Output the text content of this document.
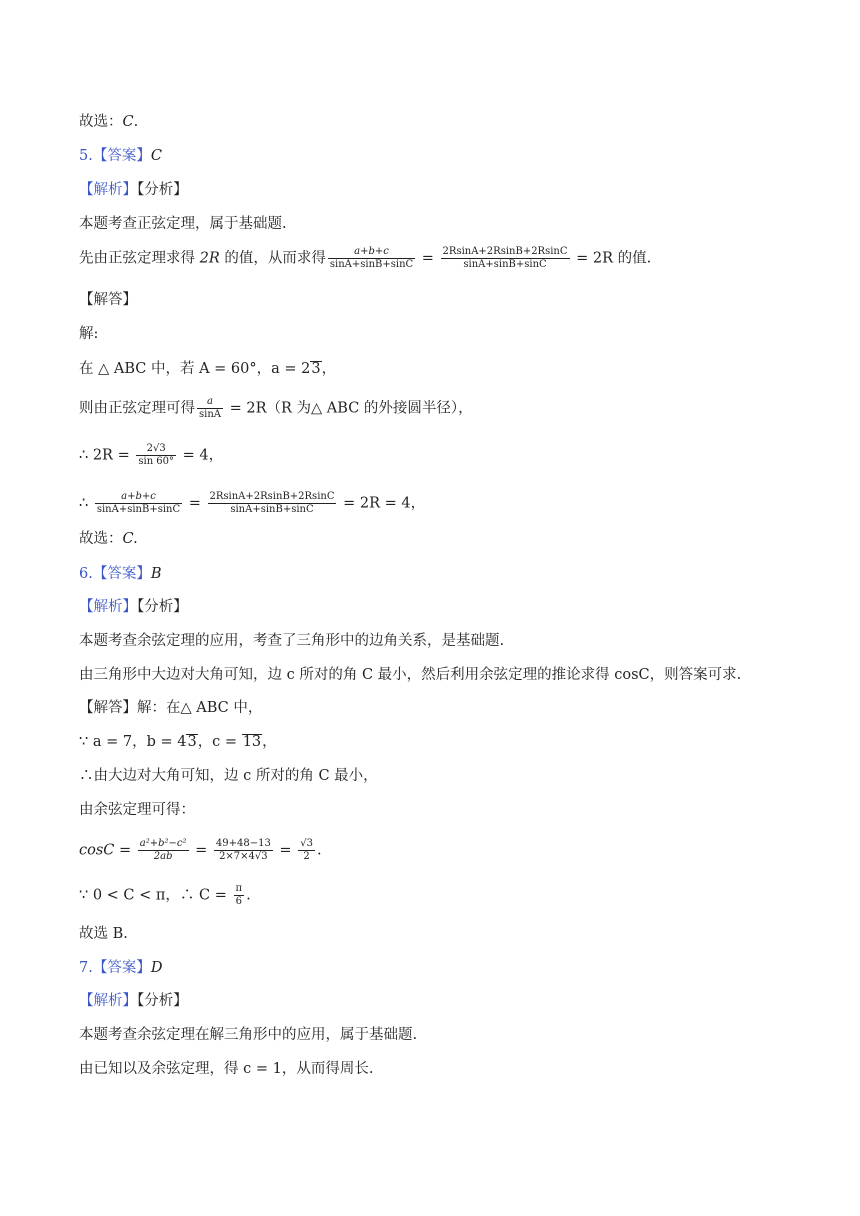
故选：C.
5.【答案】C
【解析】【分析】
本题考查正弦定理，属于基础题.
先由正弦定理求得 2R 的值，从而求得 $\frac{a+b+c}{\sin A+\sin B+\sin C} = \frac{2RsinA+2RsinB+2RsinC}{\sin A+\sin B+\sin C} = 2R$ 的值.
【解答】
解:
在 △ ABC 中，若 A = 60°，a = 23，
则由正弦定理可得 $\frac{a}{\sin A} = 2R(R$ 为△ ABC 的外接圆半径），
∴ $2R = \frac{2√3}{\sin 60^\circ} = 4$，
∴ $\frac{a+b+c}{\sin A+\sin B+\sin C} = \frac{2RsinA+2RsinB+2RsinC}{\sin A+\sin B+\sin C} = 2R = 4$，
故选：C.
6.【答案】B
【解析】【分析】
本题考查余弦定理的应用，考查了三角形中的边角关系，是基础题.
由三角形中大边对大角可知，边 c 所对的角 C 最小，然后利用余弦定理的推论求得 cosC，则答案可求.
【解答】解：在△ ABC 中，
∵ a = 7，b = 43，c = 13，
∴由大边对大角可知，边 c 所对的角 C 最小，
由余弦定理可得：
$\cos C = \frac{\text{a²+b²−c²}}{2ab} = \frac{49+48-13}{2\times 7\times 4√3} = \frac{√3}{2}$ .
∵ 0 < C < π，∴ $C = \frac{\pi}{6}$ .
故选 B.
7.【答案】D
【解析】【分析】
本题考查余弦定理在解三角形中的应用，属于基础题.
由已知以及余弦定理，得 c = 1，从而得周长.
